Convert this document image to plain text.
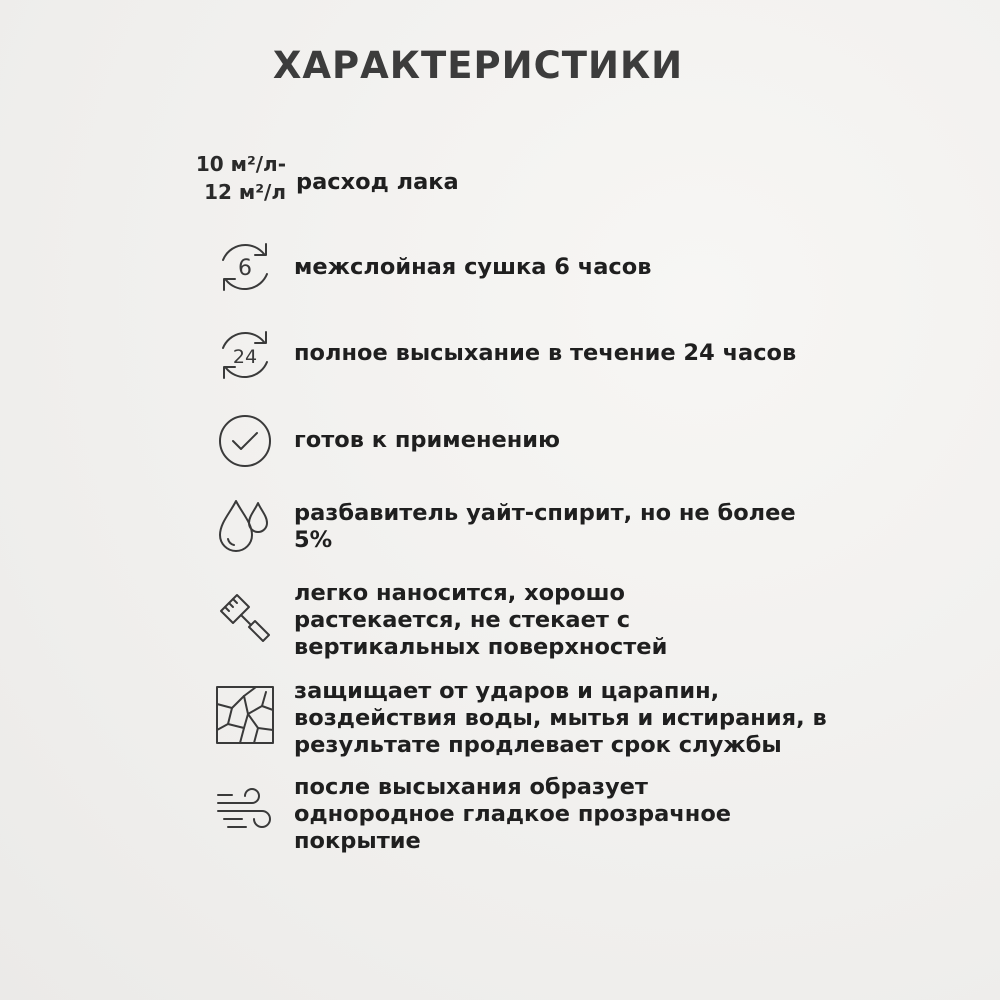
ХАРАКТЕРИСТИКИ
10 м²/л-
12 м²/л расход лака
6 межслойная сушка 6 часов
24 полное высыхание в течение 24 часов
готов к применению
разбавитель уайт-спирит, но не более 5%
легко наносится, хорошо растекается, не стекает с вертикальных поверхностей
защищает от ударов и царапин, воздействия воды, мытья и истирания, в результате продлевает срок службы
после высыхания образует однородное гладкое прозрачное покрытие
